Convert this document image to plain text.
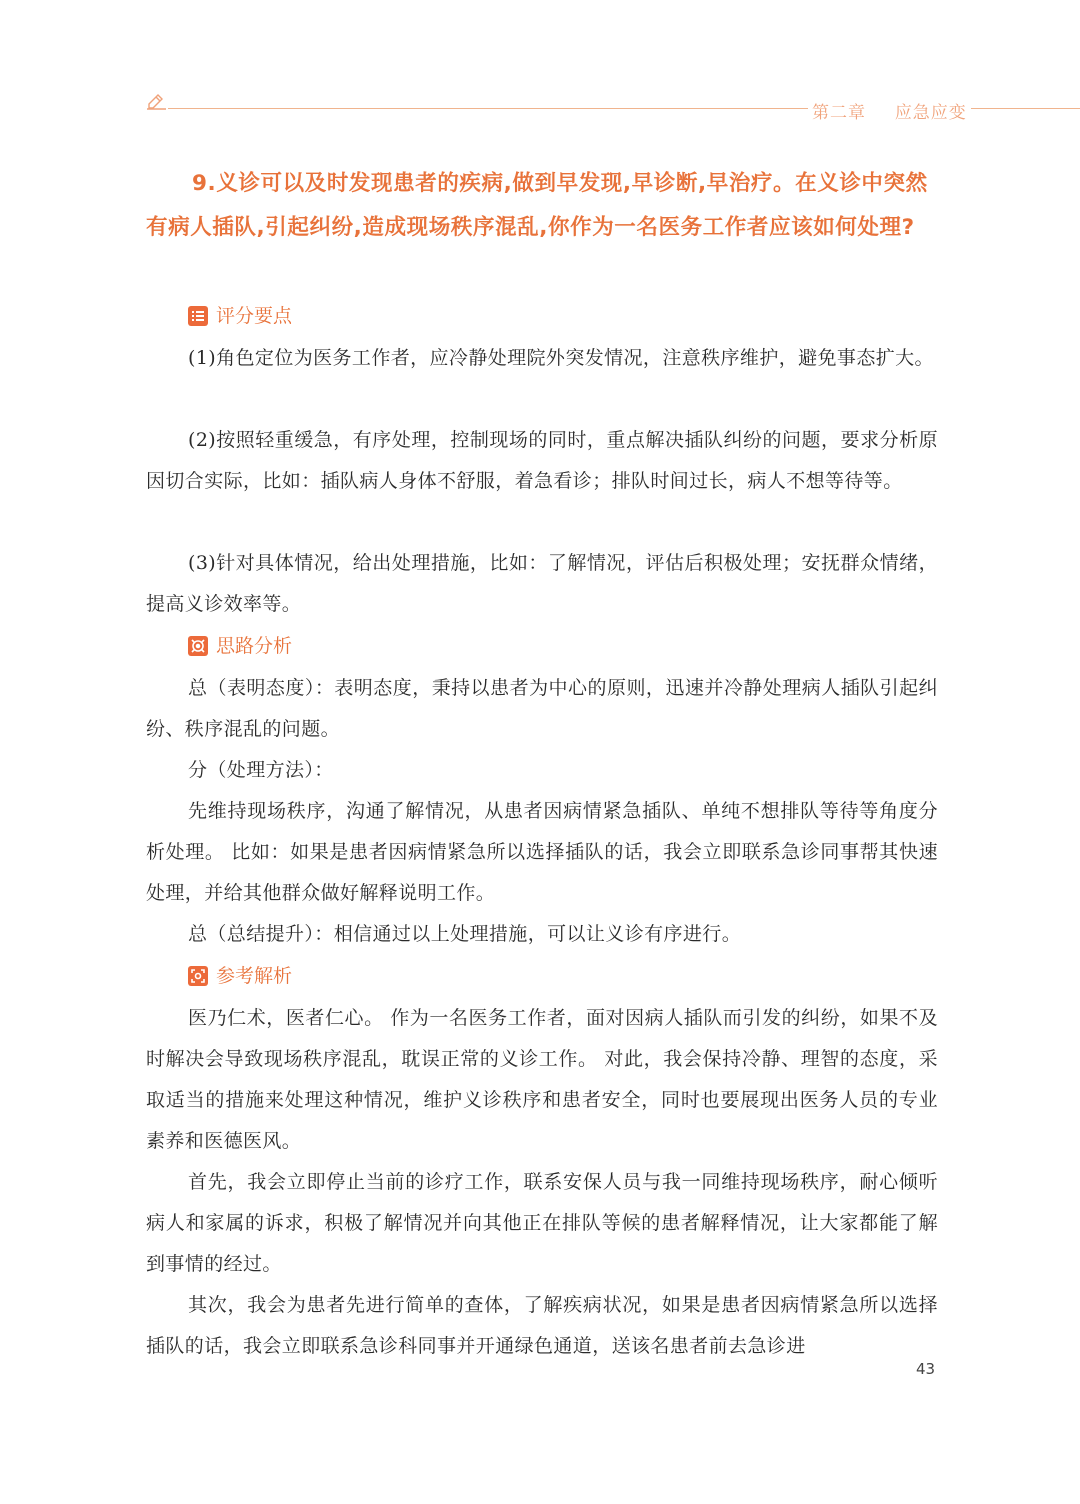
第二章 应急应变
9.义诊可以及时发现患者的疾病,做到早发现,早诊断,早治疗。在义诊中突然有病人插队,引起纠纷,造成现场秩序混乱,你作为一名医务工作者应该如何处理?
评分要点
(1)角色定位为医务工作者，应冷静处理院外突发情况，注意秩序维护，避免事态扩大。
(2)按照轻重缓急，有序处理，控制现场的同时，重点解决插队纠纷的问题，要求分析原因切合实际，比如：插队病人身体不舒服，着急看诊；排队时间过长，病人不想等待等。
(3)针对具体情况，给出处理措施，比如：了解情况，评估后积极处理；安抚群众情绪，提高义诊效率等。
思路分析
总（表明态度）：表明态度，秉持以患者为中心的原则，迅速并冷静处理病人插队引起纠纷、秩序混乱的问题。
分（处理方法）：
先维持现场秩序，沟通了解情况，从患者因病情紧急插队、单纯不想排队等待等角度分析处理。 比如：如果是患者因病情紧急所以选择插队的话，我会立即联系急诊同事帮其快速处理，并给其他群众做好解释说明工作。
总（总结提升）：相信通过以上处理措施，可以让义诊有序进行。
参考解析
医乃仁术，医者仁心。 作为一名医务工作者，面对因病人插队而引发的纠纷，如果不及时解决会导致现场秩序混乱，耽误正常的义诊工作。 对此，我会保持冷静、理智的态度，采取适当的措施来处理这种情况，维护义诊秩序和患者安全，同时也要展现出医务人员的专业素养和医德医风。
首先，我会立即停止当前的诊疗工作，联系安保人员与我一同维持现场秩序，耐心倾听病人和家属的诉求，积极了解情况并向其他正在排队等候的患者解释情况，让大家都能了解到事情的经过。
其次，我会为患者先进行简单的查体，了解疾病状况，如果是患者因病情紧急所以选择插队的话，我会立即联系急诊科同事并开通绿色通道，送该名患者前去急诊进
43
